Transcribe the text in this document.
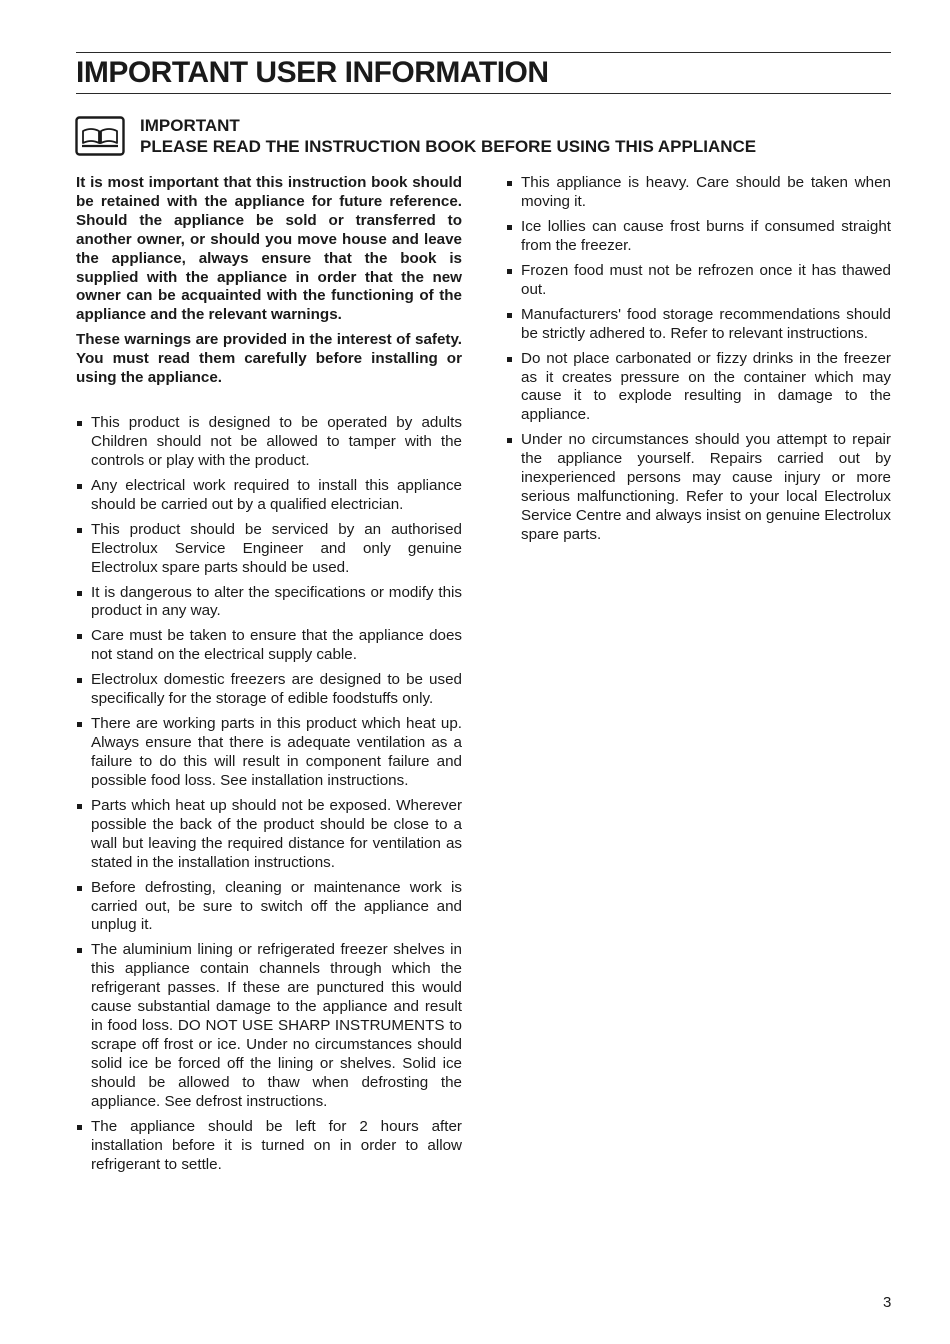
IMPORTANT USER INFORMATION
IMPORTANT
PLEASE READ THE INSTRUCTION BOOK BEFORE USING THIS APPLIANCE

It is most important that this instruction book should be retained with the appliance for future reference. Should the appliance be sold or transferred to another owner, or should you move house and leave the appliance, always ensure that the book is supplied with the appliance in order that the new owner can be acquainted with the functioning of the appliance and the relevant warnings.

These warnings are provided in the interest of safety. You must read them carefully before installing or using the appliance.

This product is designed to be operated by adults Children should not be allowed to tamper with the controls or play with the product.
Any electrical work required to install this appliance should be carried out by a qualified electrician.
This product should be serviced by an authorised Electrolux Service Engineer and only genuine Electrolux spare parts should be used.
It is dangerous to alter the specifications or modify this product in any way.
Care must be taken to ensure that the appliance does not stand on the electrical supply cable.
Electrolux domestic freezers are designed to be used specifically for the storage of edible foodstuffs only.
There are working parts in this product which heat up. Always ensure that there is adequate ventilation as a failure to do this will result in component failure and possible food loss. See installation instructions.
Parts which heat up should not be exposed. Wherever possible the back of the product should be close to a wall but leaving the required distance for ventilation as stated in the installation instructions.
Before defrosting, cleaning or maintenance work is carried out, be sure to switch off the appliance and unplug it.
The aluminium lining or refrigerated freezer shelves in this appliance contain channels through which the refrigerant passes. If these are punctured this would cause substantial damage to the appliance and result in food loss. DO NOT USE SHARP INSTRUMENTS to scrape off frost or ice. Under no circumstances should solid ice be forced off the lining or shelves. Solid ice should be allowed to thaw when defrosting the appliance. See defrost instructions.
The appliance should be left for 2 hours after installation before it is turned on in order to allow refrigerant to settle.
This appliance is heavy. Care should be taken when moving it.
Ice lollies can cause frost burns if consumed straight from the freezer.
Frozen food must not be refrozen once it has thawed out.
Manufacturers' food storage recommendations should be strictly adhered to. Refer to relevant instructions.
Do not place carbonated or fizzy drinks in the freezer as it creates pressure on the container which may cause it to explode resulting in damage to the appliance.
Under no circumstances should you attempt to repair the appliance yourself. Repairs carried out by inexperienced persons may cause injury or more serious malfunctioning. Refer to your local Electrolux Service Centre and always insist on genuine Electrolux spare parts.
3
